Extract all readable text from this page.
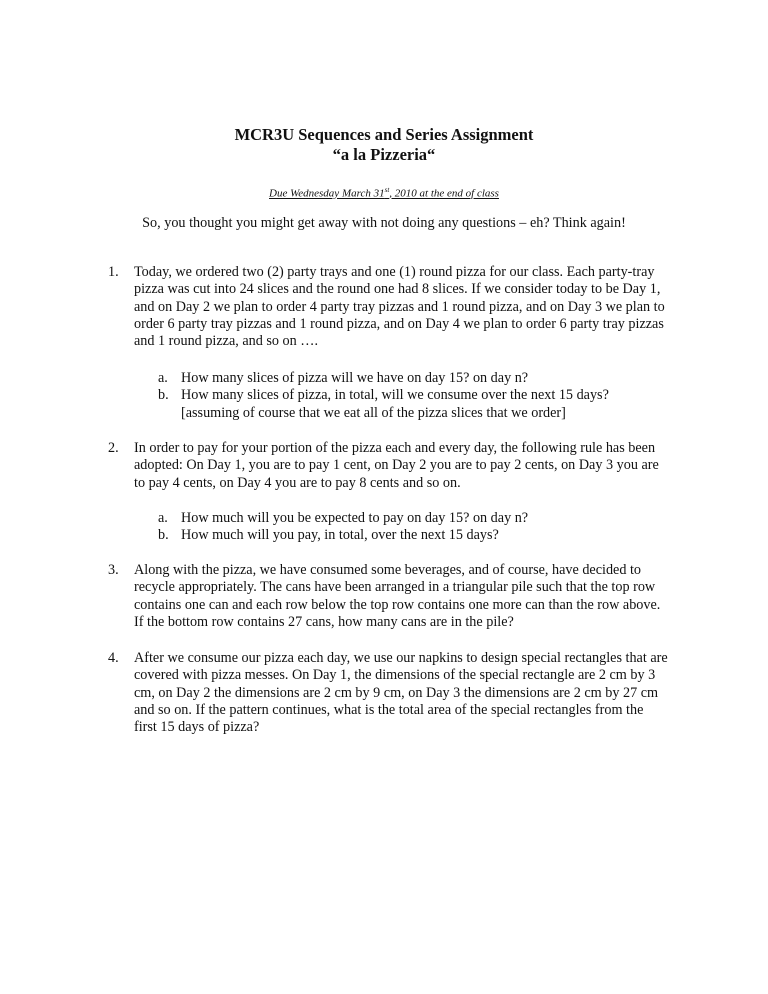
MCR3U Sequences and Series Assignment
“a la Pizzeria“
Due Wednesday March 31st, 2010 at the end of class
So, you thought you might get away with not doing any questions – eh? Think again!
1. Today, we ordered two (2) party trays and one (1) round pizza for our class. Each party-tray pizza was cut into 24 slices and the round one had 8 slices. If we consider today to be Day 1, and on Day 2 we plan to order 4 party tray pizzas and 1 round pizza, and on Day 3 we plan to order 6 party tray pizzas and 1 round pizza, and on Day 4 we plan to order 6 party tray pizzas and 1 round pizza, and so on ….
a. How many slices of pizza will we have on day 15? on day n?
b. How many slices of pizza, in total, will we consume over the next 15 days? [assuming of course that we eat all of the pizza slices that we order]
2. In order to pay for your portion of the pizza each and every day, the following rule has been adopted: On Day 1, you are to pay 1 cent, on Day 2 you are to pay 2 cents, on Day 3 you are to pay 4 cents, on Day 4 you are to pay 8 cents and so on.
a. How much will you be expected to pay on day 15? on day n?
b. How much will you pay, in total, over the next 15 days?
3. Along with the pizza, we have consumed some beverages, and of course, have decided to recycle appropriately. The cans have been arranged in a triangular pile such that the top row contains one can and each row below the top row contains one more can than the row above. If the bottom row contains 27 cans, how many cans are in the pile?
4. After we consume our pizza each day, we use our napkins to design special rectangles that are covered with pizza messes. On Day 1, the dimensions of the special rectangle are 2 cm by 3 cm, on Day 2 the dimensions are 2 cm by 9 cm, on Day 3 the dimensions are 2 cm by 27 cm and so on. If the pattern continues, what is the total area of the special rectangles from the first 15 days of pizza?
